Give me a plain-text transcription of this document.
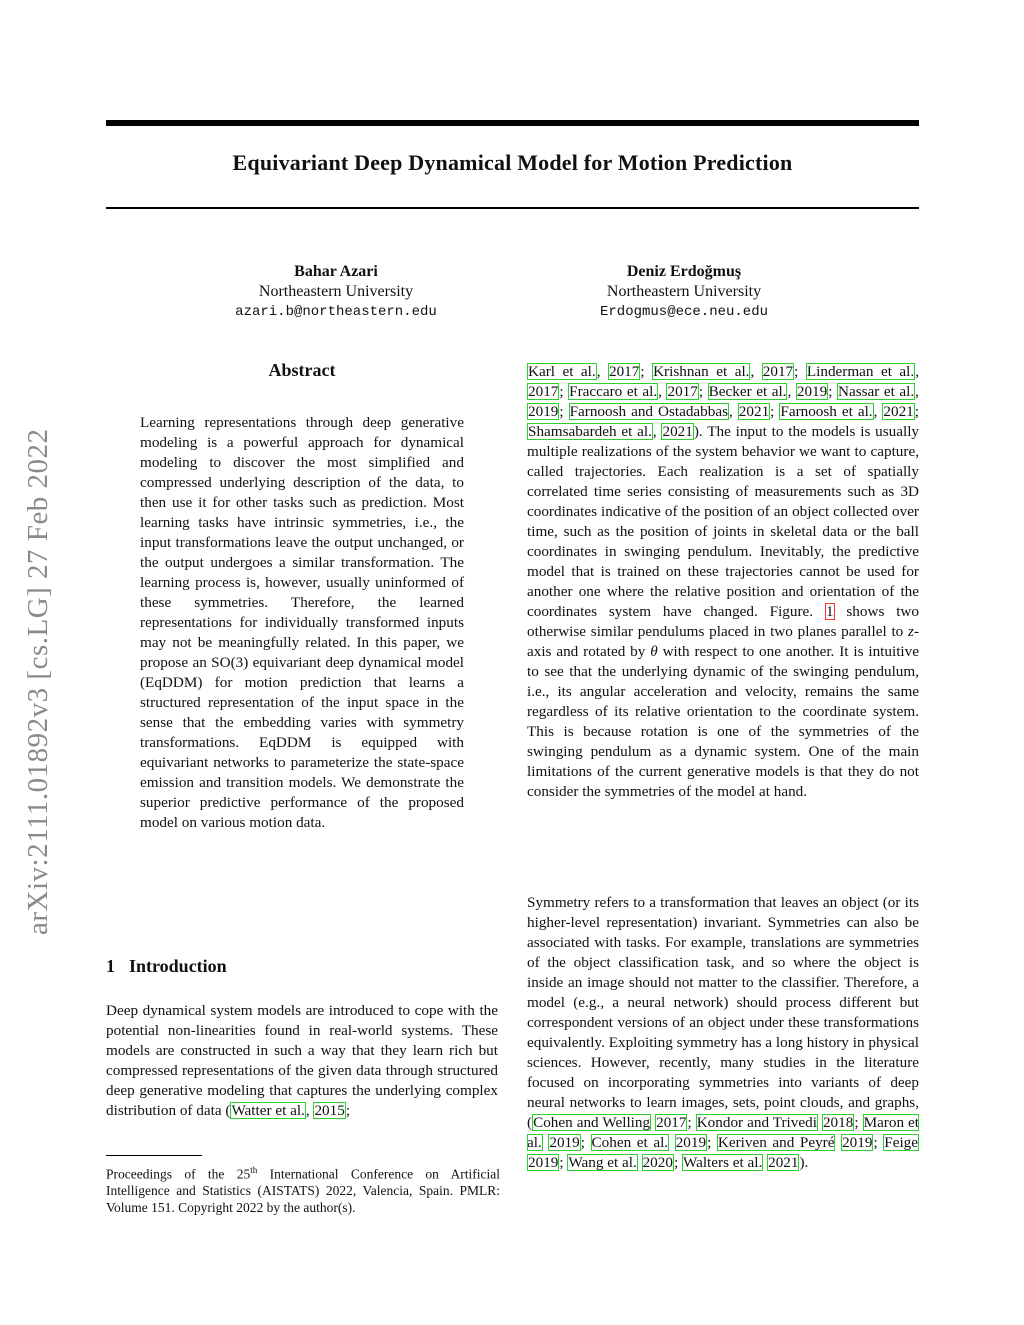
Equivariant Deep Dynamical Model for Motion Prediction
Bahar Azari
Northeastern University
azari.b@northeastern.edu
Deniz Erdoğmuş
Northeastern University
Erdogmus@ece.neu.edu
arXiv:2111.01892v3 [cs.LG] 27 Feb 2022
Abstract

Learning representations through deep generative modeling is a powerful approach for dynamical modeling to discover the most simplified and compressed underlying description of the data, to then use it for other tasks such as prediction. Most learning tasks have intrinsic symmetries, i.e., the input transformations leave the output unchanged, or the output undergoes a similar transformation. The learning process is, however, usually uninformed of these symmetries. Therefore, the learned representations for individually transformed inputs may not be meaningfully related. In this paper, we propose an SO(3) equivariant deep dynamical model (EqDDM) for motion prediction that learns a structured representation of the input space in the sense that the embedding varies with symmetry transformations. EqDDM is equipped with equivariant networks to parameterize the state-space emission and transition models. We demonstrate the superior predictive performance of the proposed model on various motion data.

1 Introduction

Deep dynamical system models are introduced to cope with the potential non-linearities found in real-world systems. These models are constructed in such a way that they learn rich but compressed representations of the given data through structured deep generative modeling that captures the underlying complex distribution of data (Watter et al., 2015;

Proceedings of the 25th International Conference on Artificial Intelligence and Statistics (AISTATS) 2022, Valencia, Spain. PMLR: Volume 151. Copyright 2022 by the author(s).

Karl et al., 2017; Krishnan et al., 2017; Linderman et al., 2017; Fraccaro et al., 2017; Becker et al., 2019; Nassar et al., 2019; Farnoosh and Ostadabbas, 2021; Farnoosh et al., 2021; Shamsabardeh et al., 2021). The input to the models is usually multiple realizations of the system behavior we want to capture, called trajectories. Each realization is a set of spatially correlated time series consisting of measurements such as 3D coordinates indicative of the position of an object collected over time, such as the position of joints in skeletal data or the ball coordinates in swinging pendulum. Inevitably, the predictive model that is trained on these trajectories cannot be used for another one where the relative position and orientation of the coordinates system have changed. Figure. 1 shows two otherwise similar pendulums placed in two planes parallel to z-axis and rotated by θ with respect to one another. It is intuitive to see that the underlying dynamic of the swinging pendulum, i.e., its angular acceleration and velocity, remains the same regardless of its relative orientation to the coordinate system. This is because rotation is one of the symmetries of the swinging pendulum as a dynamic system. One of the main limitations of the current generative models is that they do not consider the symmetries of the model at hand.

Symmetry refers to a transformation that leaves an object (or its higher-level representation) invariant. Symmetries can also be associated with tasks. For example, translations are symmetries of the object classification task, and so where the object is inside an image should not matter to the classifier. Therefore, a model (e.g., a neural network) should process different but correspondent versions of an object under these transformations equivalently. Exploiting symmetry has a long history in physical sciences. However, recently, many studies in the literature focused on incorporating symmetries into variants of deep neural networks to learn images, sets, point clouds, and graphs, (Cohen and Welling 2017; Kondor and Trivedi 2018; Maron et al. 2019; Cohen et al. 2019; Keriven and Peyré 2019; Feige 2019; Wang et al. 2020; Walters et al. 2021).
